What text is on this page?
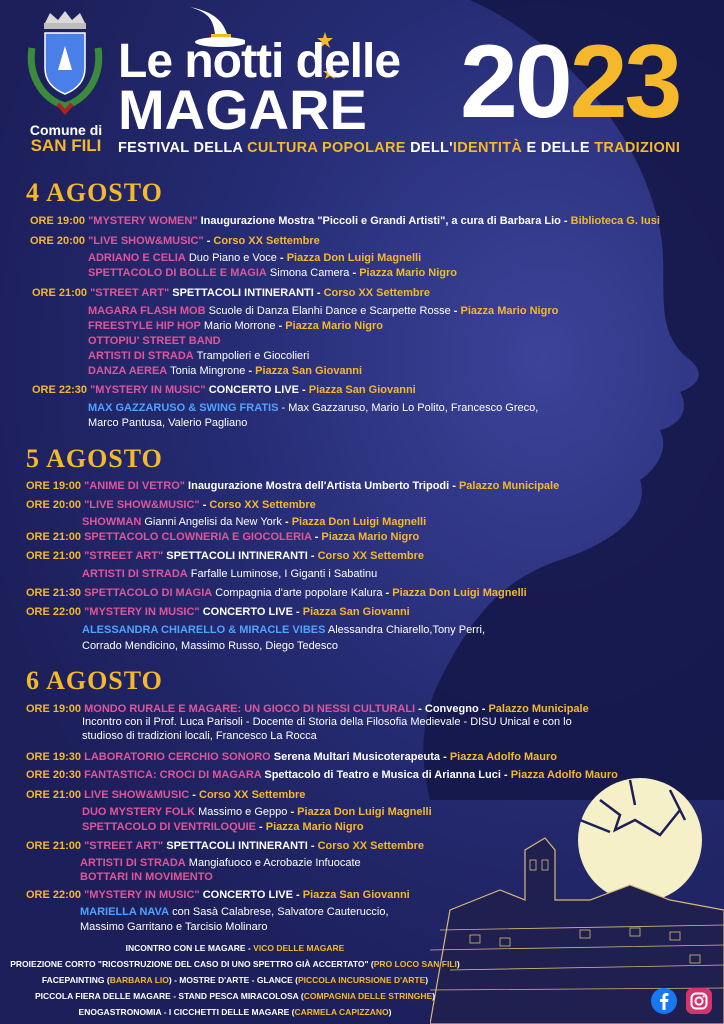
Comune di
SAN FILI
Le notti delle
MAGARE 2023
FESTIVAL DELLA CULTURA POPOLARE DELL'IDENTITÀ E DELLE TRADIZIONI
4 AGOSTO
ORE 19:00 "MYSTERY WOMEN" Inaugurazione Mostra "Piccoli e Grandi Artisti", a cura di Barbara Lio - Biblioteca G. Iusi
ORE 20:00 "LIVE SHOW&MUSIC" - Corso XX Settembre
ADRIANO E CELIA Duo Piano e Voce - Piazza Don Luigi Magnelli
SPETTACOLO DI BOLLE E MAGIA Simona Camera - Piazza Mario Nigro
ORE 21:00 "STREET ART" SPETTACOLI INTINERANTI - Corso XX Settembre
MAGARA FLASH MOB Scuole di Danza Elanhi Dance e Scarpette Rosse - Piazza Mario Nigro
FREESTYLE HIP HOP Mario Morrone - Piazza Mario Nigro
OTTOPIU' STREET BAND
ARTISTI DI STRADA Trampolieri e Giocolieri
DANZA AEREA Tonia Mingrone - Piazza San Giovanni
ORE 22:30 "MYSTERY IN MUSIC" CONCERTO LIVE - Piazza San Giovanni
MAX GAZZARUSO & SWING FRATIS - Max Gazzaruso, Mario Lo Polito, Francesco Greco,
Marco Pantusa, Valerio Pagliano
5 AGOSTO
ORE 19:00 "ANIME DI VETRO" Inaugurazione Mostra dell'Artista Umberto Tripodi - Palazzo Municipale
ORE 20:00 "LIVE SHOW&MUSIC" - Corso XX Settembre
SHOWMAN Gianni Angelisi da New York - Piazza Don Luigi Magnelli
ORE 21:00 SPETTACOLO CLOWNERIA E GIOCOLERIA - Piazza Mario Nigro
ORE 21:00 "STREET ART" SPETTACOLI INTINERANTI - Corso XX Settembre
ARTISTI DI STRADA Farfalle Luminose, I Giganti i Sabatinu
ORE 21:30 SPETTACOLO DI MAGIA Compagnia d'arte popolare Kalura - Piazza Don Luigi Magnelli
ORE 22:00 "MYSTERY IN MUSIC" CONCERTO LIVE - Piazza San Giovanni
ALESSANDRA CHIARELLO & MIRACLE VIBES Alessandra Chiarello,Tony Perri,
Corrado Mendicino, Massimo Russo, Diego Tedesco
6 AGOSTO
ORE 19:00 MONDO RURALE E MAGARE: UN GIOCO DI NESSI CULTURALI - Convegno - Palazzo Municipale
Incontro con il Prof. Luca Parisoli - Docente di Storia della Filosofia Medievale - DISU Unical e con lo
studioso di tradizioni locali, Francesco La Rocca
ORE 19:30 LABORATORIO CERCHIO SONORO Serena Multari Musicoterapeuta - Piazza Adolfo Mauro
ORE 20:30 FANTASTICA: CROCI DI MAGARA Spettacolo di Teatro e Musica di Arianna Luci - Piazza Adolfo Mauro
ORE 21:00 LIVE SHOW&MUSIC - Corso XX Settembre
DUO MYSTERY FOLK Massimo e Geppo - Piazza Don Luigi Magnelli
SPETTACOLO DI VENTRILOQUIE - Piazza Mario Nigro
ORE 21:00 "STREET ART" SPETTACOLI INTINERANTI - Corso XX Settembre
ARTISTI DI STRADA Mangiafuoco e Acrobazie Infuocate
BOTTARI IN MOVIMENTO
ORE 22:00 "MYSTERY IN MUSIC" CONCERTO LIVE - Piazza San Giovanni
MARIELLA NAVA con Sasà Calabrese, Salvatore Cauteruccio,
Massimo Garritano e Tarcisio Molinaro
INCONTRO CON LE MAGARE - VICO DELLE MAGARE
PROIEZIONE CORTO "RICOSTRUZIONE DEL CASO DI UNO SPETTRO GIÀ ACCERTATO" (PRO LOCO SAN FILI)
FACEPAINTING (BARBARA LIO) - MOSTRE D'ARTE - GLANCE (PICCOLA INCURSIONE D'ARTE)
PICCOLA FIERA DELLE MAGARE - STAND PESCA MIRACOLOSA (COMPAGNIA DELLE STRINGHE)
ENOGASTRONOMIA - I CICCHETTI DELLE MAGARE (CARMELA CAPIZZANO)
